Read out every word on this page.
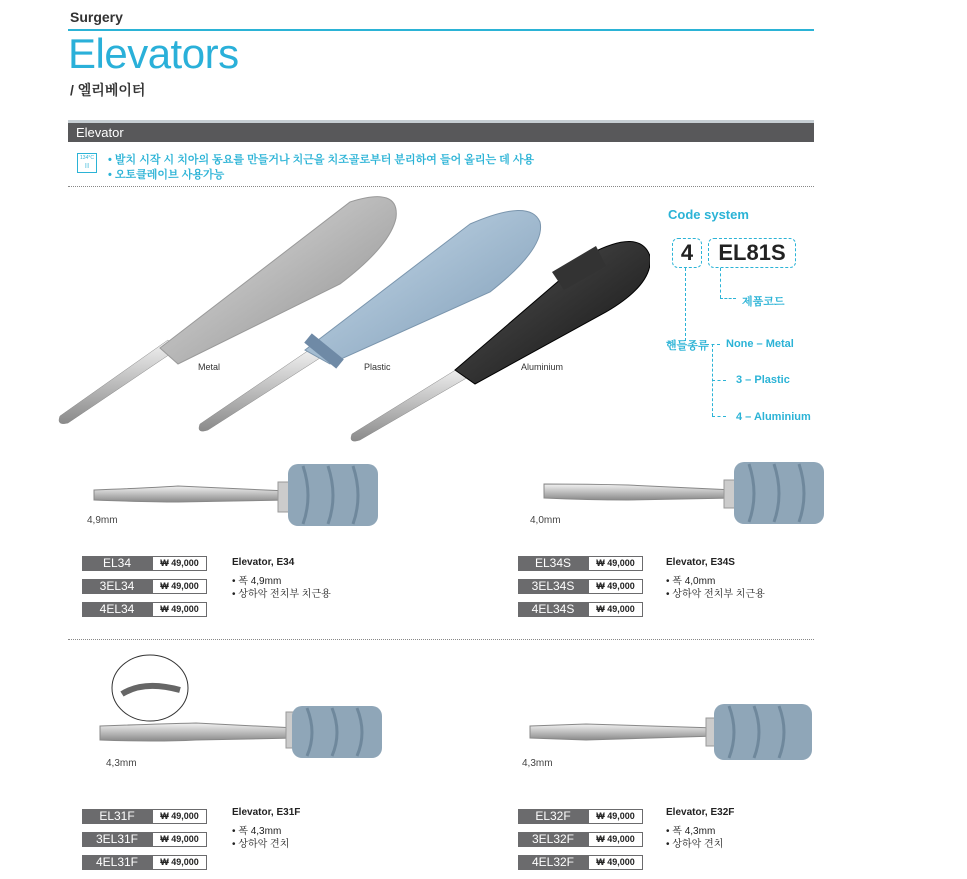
Surgery
Elevators
/ 엘리베이터
Elevator
134°C
|||	• 발치 시작 시 치아의 동요를 만들거나 치근을 치조골로부터 분리하여 들어 올리는 데 사용
• 오토클레이브 사용가능
Metal	Plastic	Aluminium
Code system
4	EL81S
제품코드
핸들종류 None – Metal
3 – Plastic
4 – Aluminium
4,9mm	4,0mm
4,3mm	4,3mm
EL34	₩ 49,000
3EL34	₩ 49,000
4EL34	₩ 49,000
Elevator, E34
• 폭 4,9mm
• 상하악 전치부 치근용
EL34S	₩ 49,000
3EL34S	₩ 49,000
4EL34S	₩ 49,000
Elevator, E34S
• 폭 4,0mm
• 상하악 전치부 치근용
EL31F	₩ 49,000
3EL31F	₩ 49,000
4EL31F	₩ 49,000
Elevator, E31F
• 폭 4,3mm
• 상하악 견치
EL32F	₩ 49,000
3EL32F	₩ 49,000
4EL32F	₩ 49,000
Elevator, E32F
• 폭 4,3mm
• 상하악 견치
